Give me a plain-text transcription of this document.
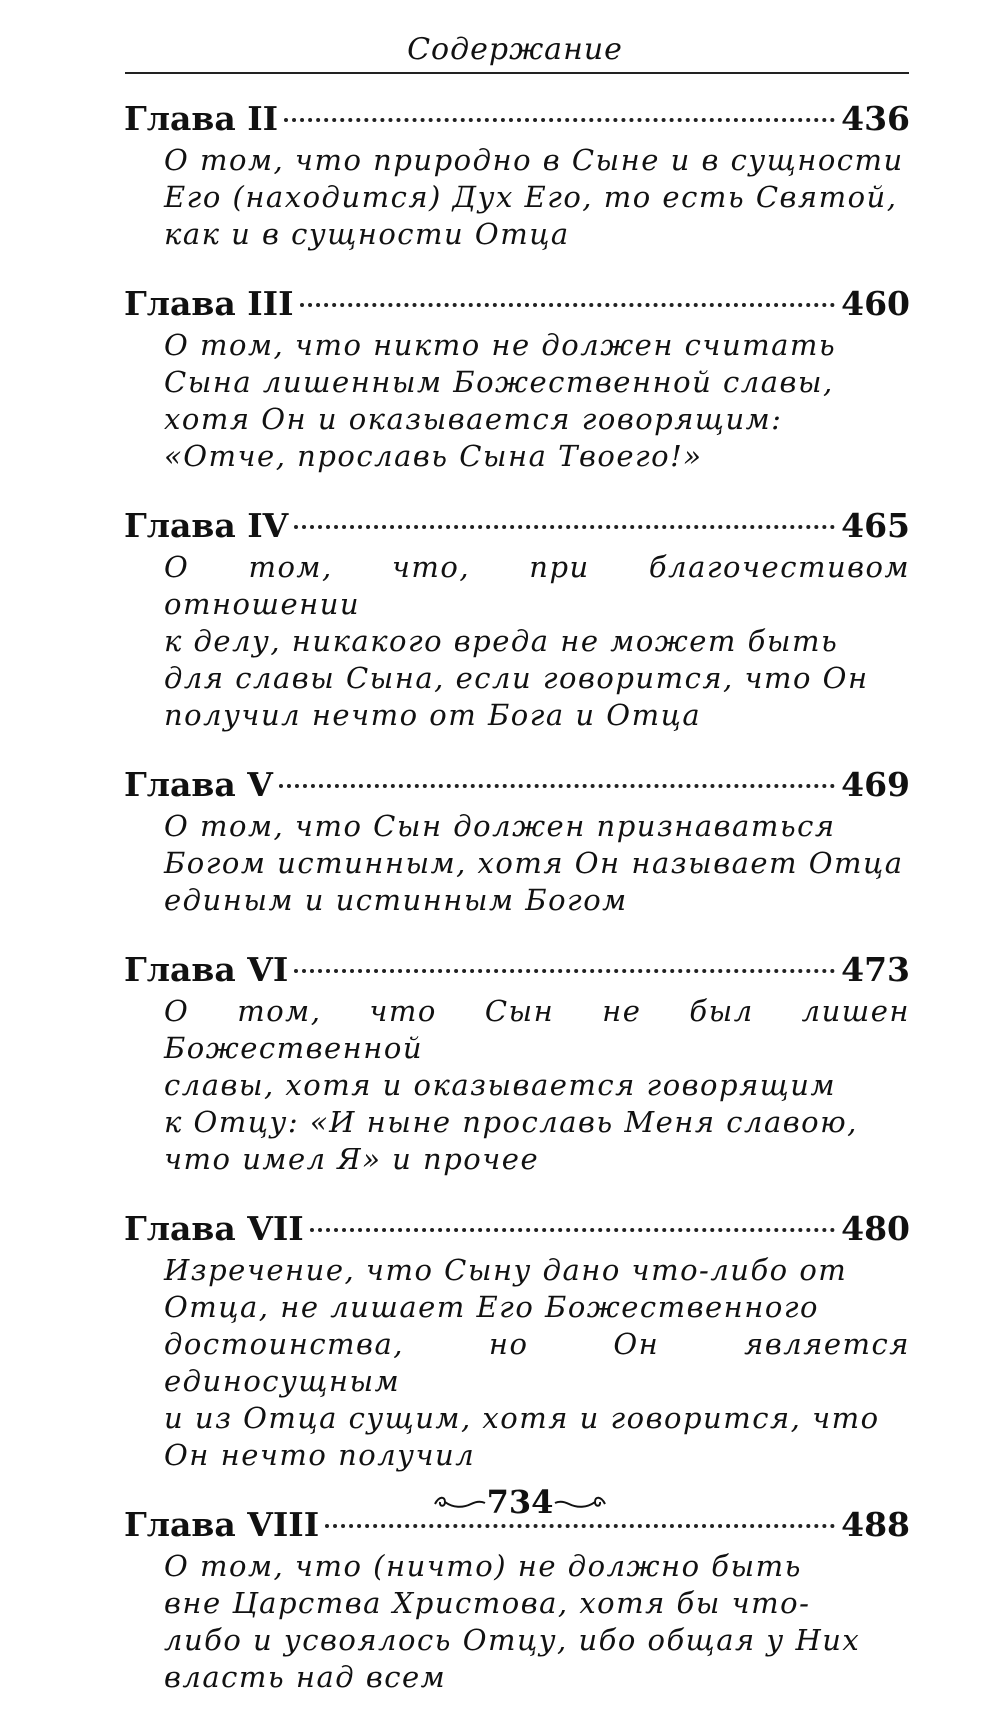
Содержание
Глава II	436
О том, что природно в Сыне и в сущности
Его (находится) Дух Его, то есть Святой,
как и в сущности Отца
Глава III	460
О том, что никто не должен считать
Сына лишенным Божественной славы,
хотя Он и оказывается говорящим:
«Отче, прославь Сына Твоего!»
Глава IV	465
О том, что, при благочестивом отношении
к делу, никакого вреда не может быть
для славы Сына, если говорится, что Он
получил нечто от Бога и Отца
Глава V	469
О том, что Сын должен признаваться
Богом истинным, хотя Он называет Отца
единым и истинным Богом
Глава VI	473
О том, что Сын не был лишен Божественной
славы, хотя и оказывается говорящим
к Отцу: «И ныне прославь Меня славою,
что имел Я» и прочее
Глава VII	480
Изречение, что Сыну дано что-либо от
Отца, не лишает Его Божественного
достоинства, но Он является единосущным
и из Отца сущим, хотя и говорится, что
Он нечто получил
Глава VIII	488
О том, что (ничто) не должно быть
вне Царства Христова, хотя бы что-
либо и усвоялось Отцу, ибо общая у Них
власть над всем
734
